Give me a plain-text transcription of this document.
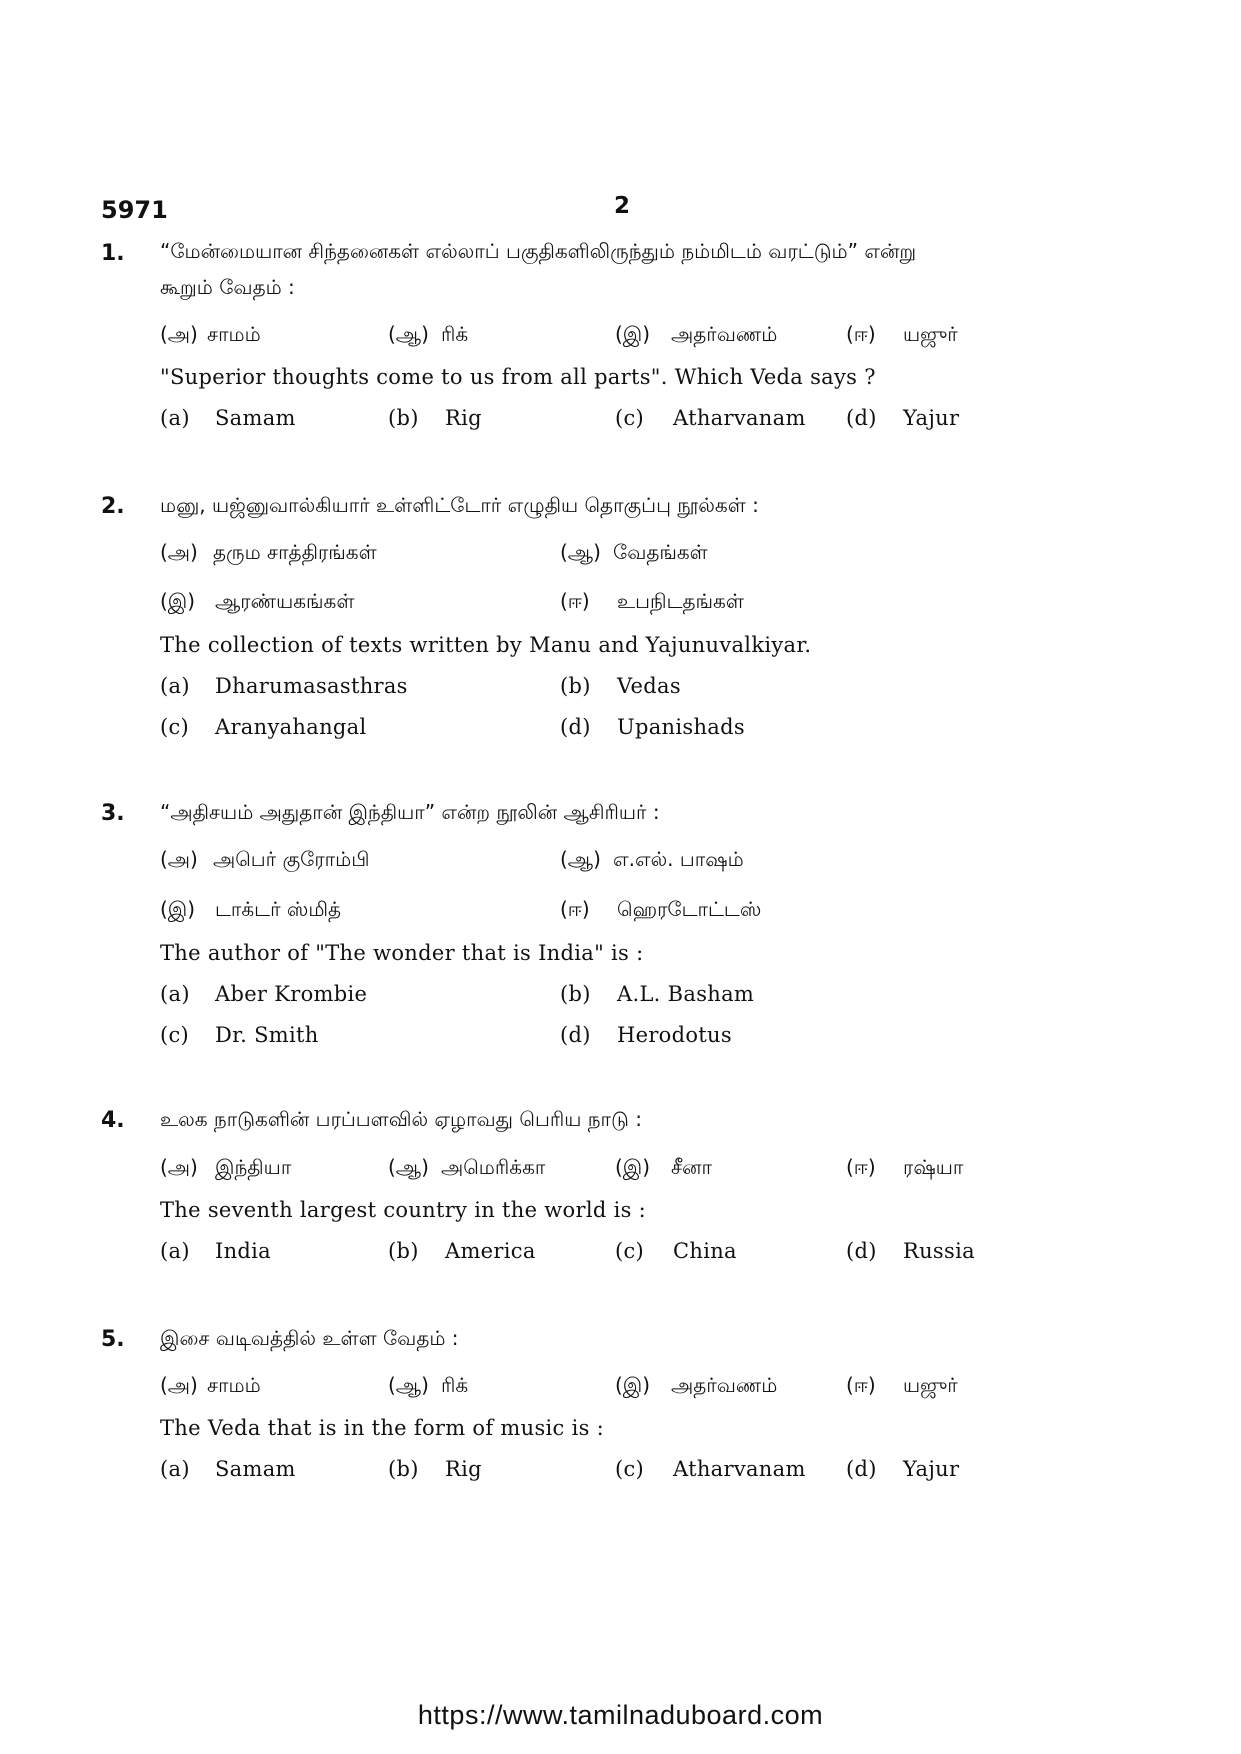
5971	2
1. “மேன்மையான சிந்தனைகள் எல்லாப் பகுதிகளிலிருந்தும் நம்மிடம் வரட்டும்” என்று
கூறும் வேதம் :
(அ) சாமம்	(ஆ) ரிக்	(இ) அதர்வணம்	(ஈ) யஜுர்
"Superior thoughts come to us from all parts". Which Veda says ?
(a) Samam	(b) Rig	(c) Atharvanam (d) Yajur
2. மனு, யஜ்னுவால்கியார் உள்ளிட்டோர் எழுதிய தொகுப்பு நூல்கள் :
(அ) தரும சாத்திரங்கள்	(ஆ) வேதங்கள்
(இ) ஆரண்யகங்கள்	(ஈ) உபநிடதங்கள்
The collection of texts written by Manu and Yajunuvalkiyar.
(a) Dharumasasthras	(b) Vedas
(c) Aranyahangal	(d) Upanishads
3. “அதிசயம் அதுதான் இந்தியா” என்ற நூலின் ஆசிரியர் :
(அ) அபெர் குரோம்பி	(ஆ) எ.எல். பாஷம்
(இ) டாக்டர் ஸ்மித்	(ஈ) ஹெரடோட்டஸ்
The author of "The wonder that is India" is :
(a) Aber Krombie	(b) A.L. Basham
(c) Dr. Smith	(d) Herodotus
4. உலக நாடுகளின் பரப்பளவில் ஏழாவது பெரிய நாடு :
(அ) இந்தியா	(ஆ) அமெரிக்கா	(இ) சீனா	(ஈ) ரஷ்யா
The seventh largest country in the world is :
(a) India	(b) America	(c) China	(d) Russia
5. இசை வடிவத்தில் உள்ள வேதம் :
(அ) சாமம்	(ஆ) ரிக்	(இ) அதர்வணம்	(ஈ) யஜுர்
The Veda that is in the form of music is :
(a) Samam	(b) Rig	(c) Atharvanam (d) Yajur
https://www.tamilnaduboard.com
